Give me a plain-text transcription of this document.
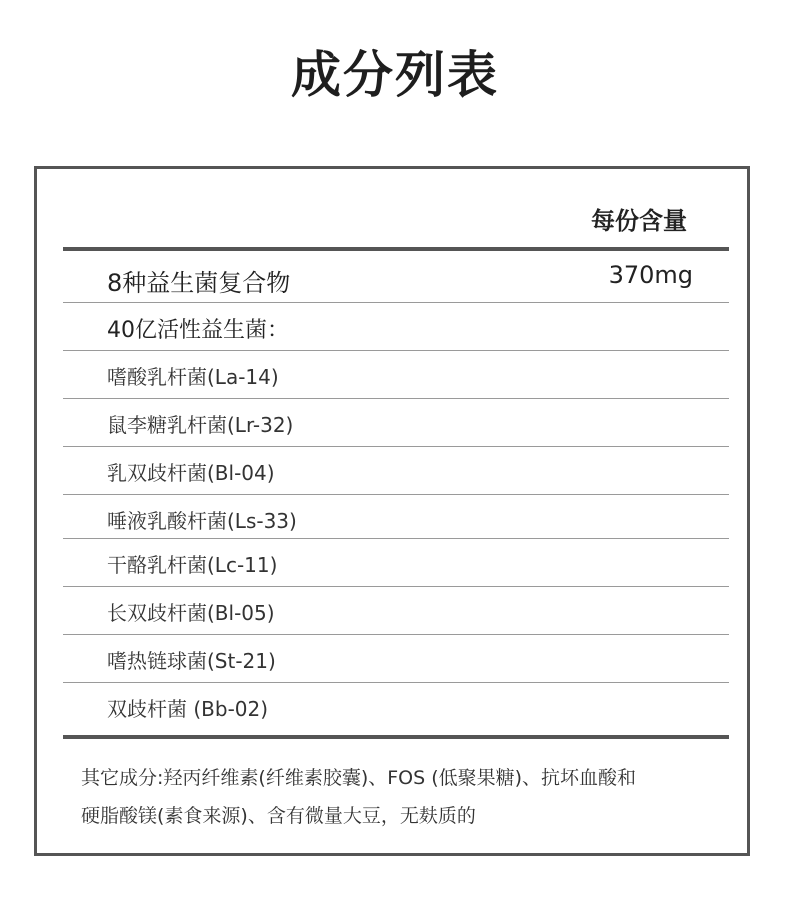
成分列表
每份含量
8种益生菌复合物	370mg
40亿活性益生菌：
嗜酸乳杆菌(La-14)
鼠李糖乳杆菌(Lr-32)
乳双歧杆菌(Bl-04)
唾液乳酸杆菌(Ls-33)
干酪乳杆菌(Lc-11)
长双歧杆菌(Bl-05)
嗜热链球菌(St-21)
双歧杆菌 (Bb-02)
其它成分:羟丙纤维素(纤维素胶囊)、FOS (低聚果糖)、抗坏血酸和
硬脂酸镁(素食来源)、含有微量大豆，无麸质的
